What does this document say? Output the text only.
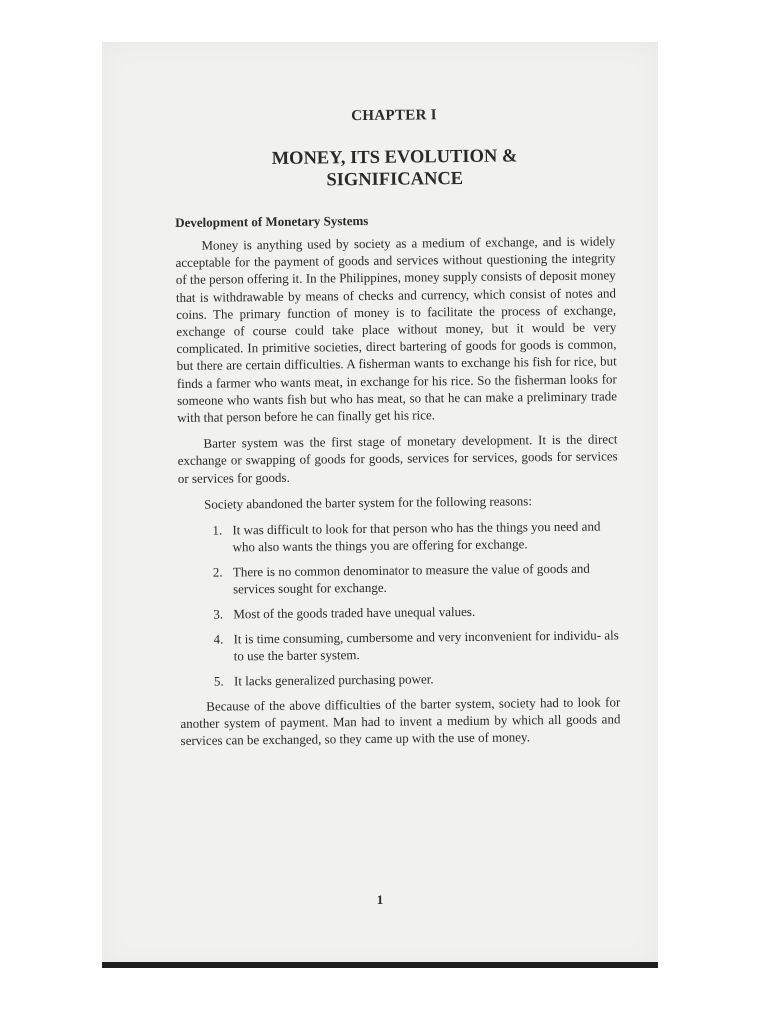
CHAPTER I
MONEY, ITS EVOLUTION &
SIGNIFICANCE
Development of Monetary Systems

Money is anything used by society as a medium of exchange, and is widely acceptable for the payment of goods and services without questioning the integrity of the person offering it. In the Philippines, money supply consists of deposit money that is withdrawable by means of checks and currency, which consist of notes and coins. The primary function of money is to facilitate the process of exchange, exchange of course could take place without money, but it would be very complicated. In primitive societies, direct bartering of goods for goods is common, but there are certain difficulties. A fisherman wants to exchange his fish for rice, but finds a farmer who wants meat, in exchange for his rice. So the fisherman looks for someone who wants fish but who has meat, so that he can make a preliminary trade with that person before he can finally get his rice.

Barter system was the first stage of monetary development. It is the direct exchange or swapping of goods for goods, services for services, goods for services or services for goods.

Society abandoned the barter system for the following reasons:

1. It was difficult to look for that person who has the things you need and who also wants the things you are offering for exchange.
2. There is no common denominator to measure the value of goods and services sought for exchange.
3. Most of the goods traded have unequal values.
4. It is time consuming, cumbersome and very inconvenient for individu- als to use the barter system.
5. It lacks generalized purchasing power.

Because of the above difficulties of the barter system, society had to look for another system of payment. Man had to invent a medium by which all goods and services can be exchanged, so they came up with the use of money.

1
